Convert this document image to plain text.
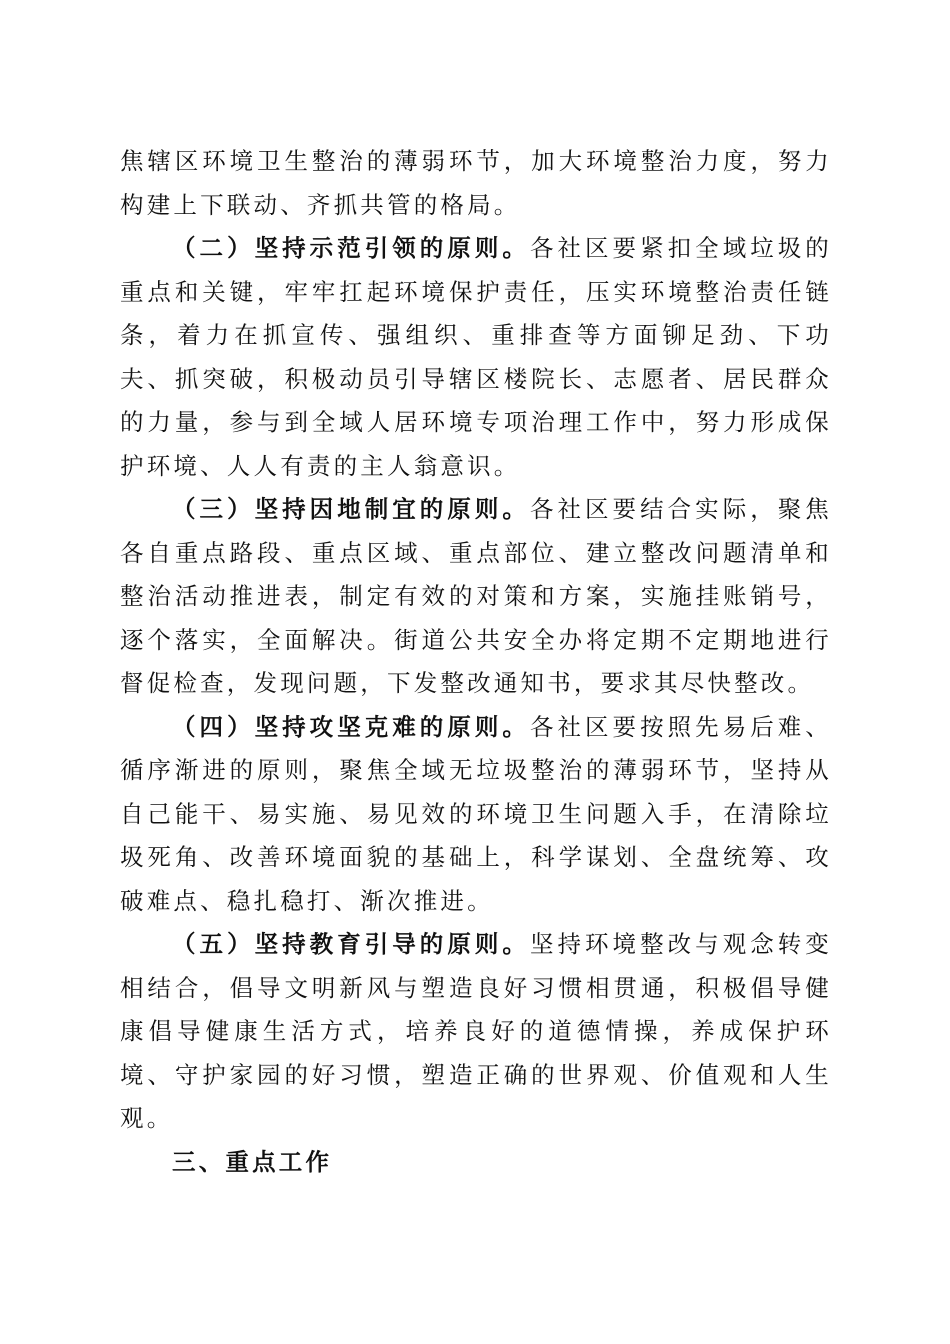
焦辖区环境卫生整治的薄弱环节，加大环境整治力度，努力构建上下联动、齐抓共管的格局。

（二）坚持示范引领的原则。各社区要紧扣全域垃圾的重点和关键，牢牢扛起环境保护责任，压实环境整治责任链条，着力在抓宣传、强组织、重排查等方面铆足劲、下功夫、抓突破，积极动员引导辖区楼院长、志愿者、居民群众的力量，参与到全域人居环境专项治理工作中，努力形成保护环境、人人有责的主人翁意识。

（三）坚持因地制宜的原则。各社区要结合实际，聚焦各自重点路段、重点区域、重点部位、建立整改问题清单和整治活动推进表，制定有效的对策和方案，实施挂账销号，逐个落实，全面解决。街道公共安全办将定期不定期地进行督促检查，发现问题，下发整改通知书，要求其尽快整改。

（四）坚持攻坚克难的原则。各社区要按照先易后难、循序渐进的原则，聚焦全域无垃圾整治的薄弱环节，坚持从自己能干、易实施、易见效的环境卫生问题入手，在清除垃圾死角、改善环境面貌的基础上，科学谋划、全盘统筹、攻破难点、稳扎稳打、渐次推进。

（五）坚持教育引导的原则。坚持环境整改与观念转变相结合，倡导文明新风与塑造良好习惯相贯通，积极倡导健康倡导健康生活方式，培养良好的道德情操，养成保护环境、守护家园的好习惯，塑造正确的世界观、价值观和人生观。

三、重点工作
